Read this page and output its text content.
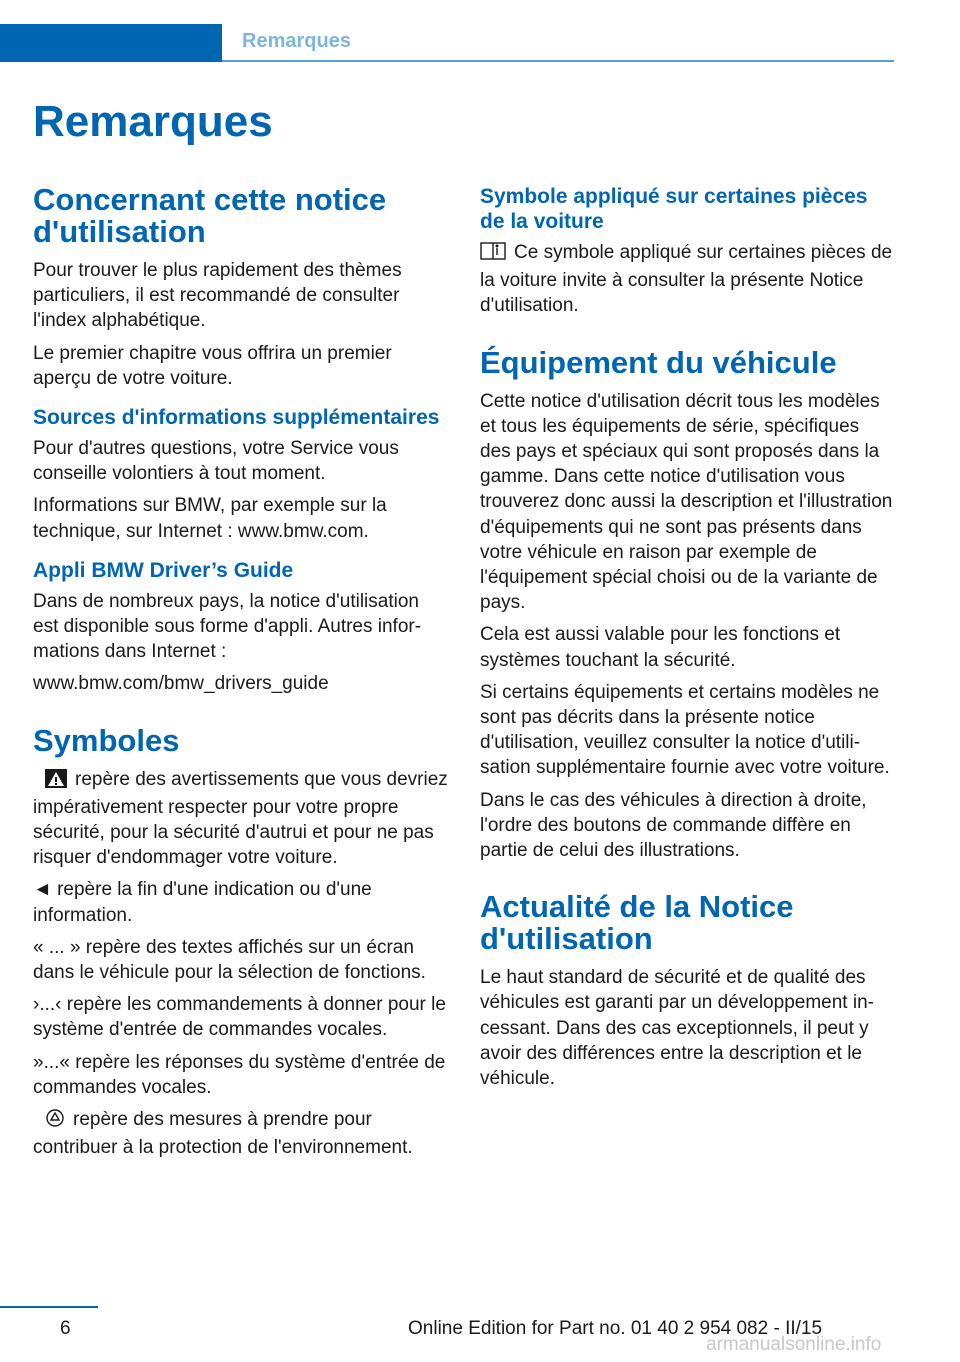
Remarques
Remarques
Concernant cette notice d'utilisation

Pour trouver le plus rapidement des thèmes particuliers, il est recommandé de consulter l'index alphabétique.

Le premier chapitre vous offrira un premier aperçu de votre voiture.

Sources d'informations supplémentaires

Pour d'autres questions, votre Service vous conseille volontiers à tout moment.

Informations sur BMW, par exemple sur la technique, sur Internet : www.bmw.com.

Appli BMW Driver’s Guide

Dans de nombreux pays, la notice d'utilisation est disponible sous forme d'appli. Autres informations dans Internet :

www.bmw.com/bmw_drivers_guide

Symboles

repère des avertissements que vous devriez impérativement respecter pour votre propre sécurité, pour la sécurité d'autrui et pour ne pas risquer d'endommager votre voiture.

◄ repère la fin d'une indication ou d'une information.

« ... » repère des textes affichés sur un écran dans le véhicule pour la sélection de fonctions.

›...‹ repère les commandements à donner pour le système d'entrée de commandes vocales.

»...« repère les réponses du système d'entrée de commandes vocales.

repère des mesures à prendre pour contribuer à la protection de l'environnement.

Symbole appliqué sur certaines pièces de la voiture

Ce symbole appliqué sur certaines pièces de la voiture invite à consulter la présente Notice d'utilisation.

Équipement du véhicule

Cette notice d'utilisation décrit tous les modèles et tous les équipements de série, spécifiques des pays et spéciaux qui sont proposés dans la gamme. Dans cette notice d'utilisation vous trouverez donc aussi la description et l'illustration d'équipements qui ne sont pas présents dans votre véhicule en raison par exemple de l'équipement spécial choisi ou de la variante de pays.

Cela est aussi valable pour les fonctions et systèmes touchant la sécurité.

Si certains équipements et certains modèles ne sont pas décrits dans la présente notice d'utilisation, veuillez consulter la notice d'utilisation supplémentaire fournie avec votre voiture.

Dans le cas des véhicules à direction à droite, l'ordre des boutons de commande diffère en partie de celui des illustrations.

Actualité de la Notice d'utilisation

Le haut standard de sécurité et de qualité des véhicules est garanti par un développement incessant. Dans des cas exceptionnels, il peut y avoir des différences entre la description et le véhicule.

6	Online Edition for Part no. 01 40 2 954 082 - II/15
armanualsonline.info
